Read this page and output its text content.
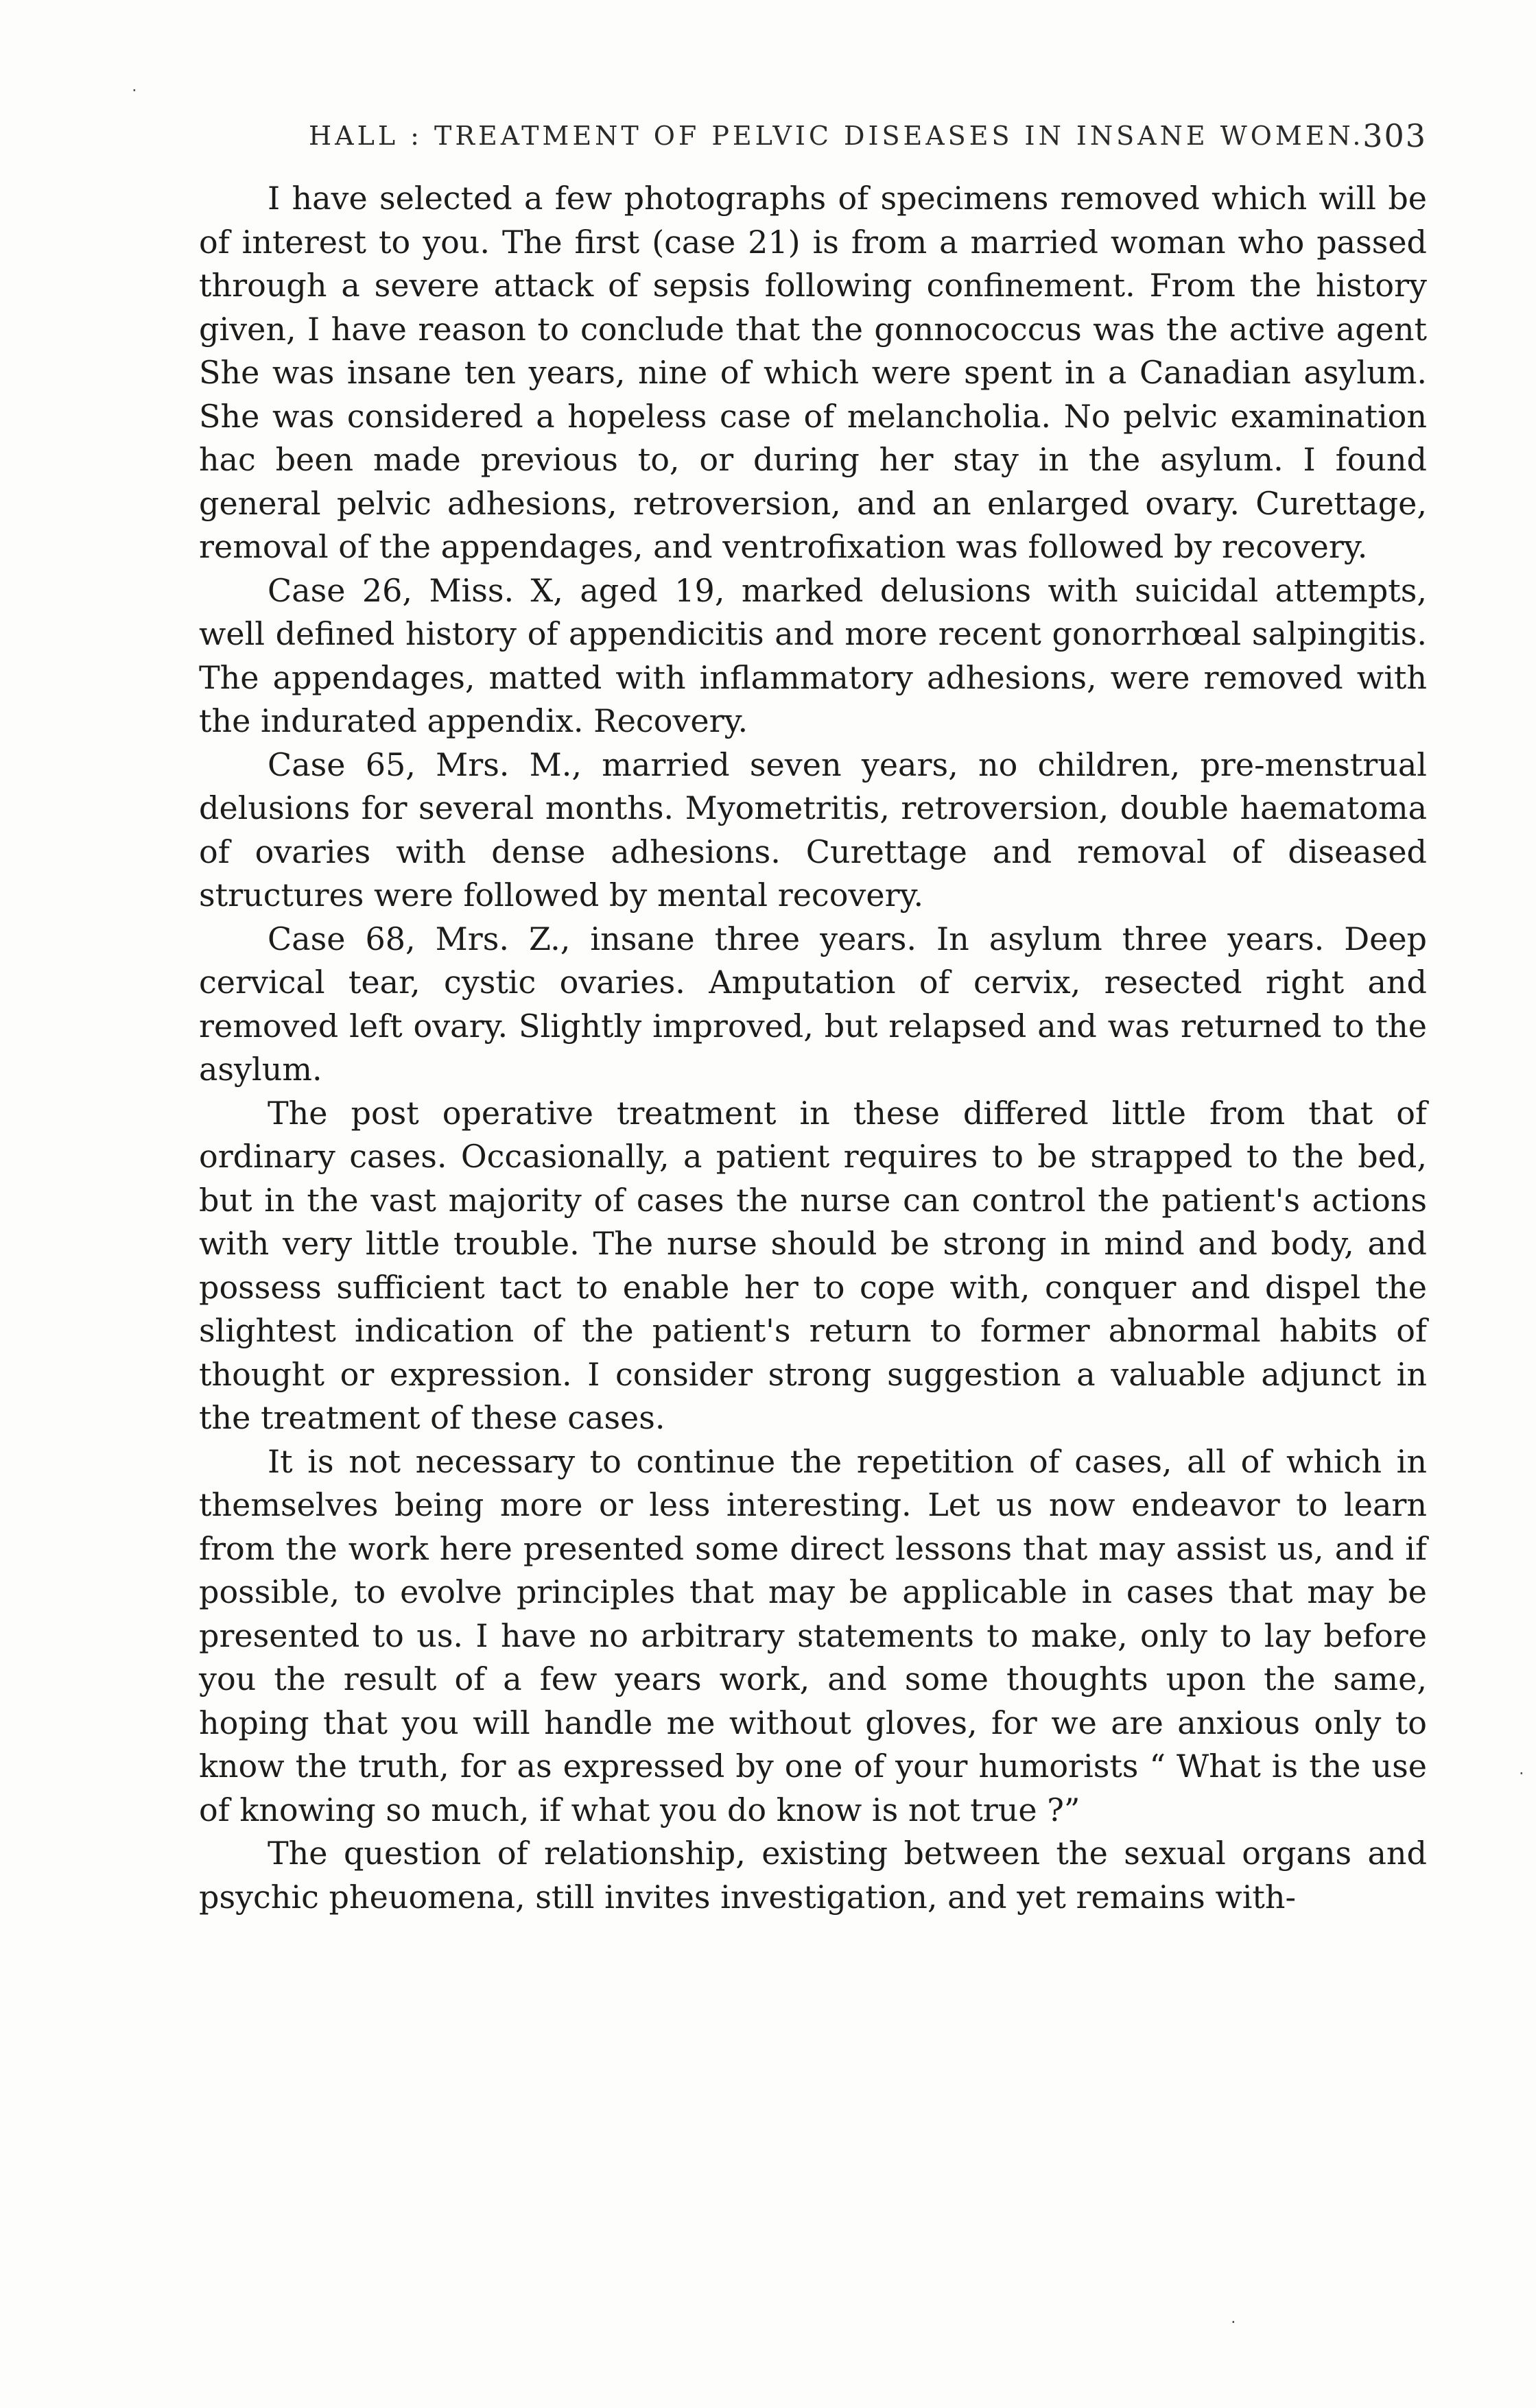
HALL : TREATMENT OF PELVIC DISEASES IN INSANE WOMEN.
303

I have selected a few photographs of specimens removed which will be of interest to you. The first (case 21) is from a married woman who passed through a severe attack of sepsis following confinement. From the history given, I have reason to conclude that the gonnococcus was the active agent She was insane ten years, nine of which were spent in a Canadian asylum. She was considered a hopeless case of melancholia. No pelvic examination hac been made previous to, or during her stay in the asylum. I found general pelvic adhesions, retroversion, and an enlarged ovary. Curettage, removal of the appendages, and ventrofixation was followed by recovery.

Case 26, Miss. X, aged 19, marked delusions with suicidal attempts, well defined history of appendicitis and more recent gonorrhœal salpingitis. The appendages, matted with inflammatory adhesions, were removed with the indurated appendix. Recovery.

Case 65, Mrs. M., married seven years, no children, pre-menstrual delusions for several months. Myometritis, retroversion, double haematoma of ovaries with dense adhesions. Curettage and removal of diseased structures were followed by mental recovery.

Case 68, Mrs. Z., insane three years. In asylum three years. Deep cervical tear, cystic ovaries. Amputation of cervix, resected right and removed left ovary. Slightly improved, but relapsed and was returned to the asylum.

The post operative treatment in these differed little from that of ordinary cases. Occasionally, a patient requires to be strapped to the bed, but in the vast majority of cases the nurse can control the patient's actions with very little trouble. The nurse should be strong in mind and body, and possess sufficient tact to enable her to cope with, conquer and dispel the slightest indication of the patient's return to former abnormal habits of thought or expression. I consider strong suggestion a valuable adjunct in the treatment of these cases.

It is not necessary to continue the repetition of cases, all of which in themselves being more or less interesting. Let us now endeavor to learn from the work here presented some direct lessons that may assist us, and if possible, to evolve principles that may be applicable in cases that may be presented to us. I have no arbitrary statements to make, only to lay before you the result of a few years work, and some thoughts upon the same, hoping that you will handle me without gloves, for we are anxious only to know the truth, for as expressed by one of your humorists “ What is the use of knowing so much, if what you do know is not true ?”

The question of relationship, existing between the sexual organs and psychic pheuomena, still invites investigation, and yet remains with-

·
·
·
